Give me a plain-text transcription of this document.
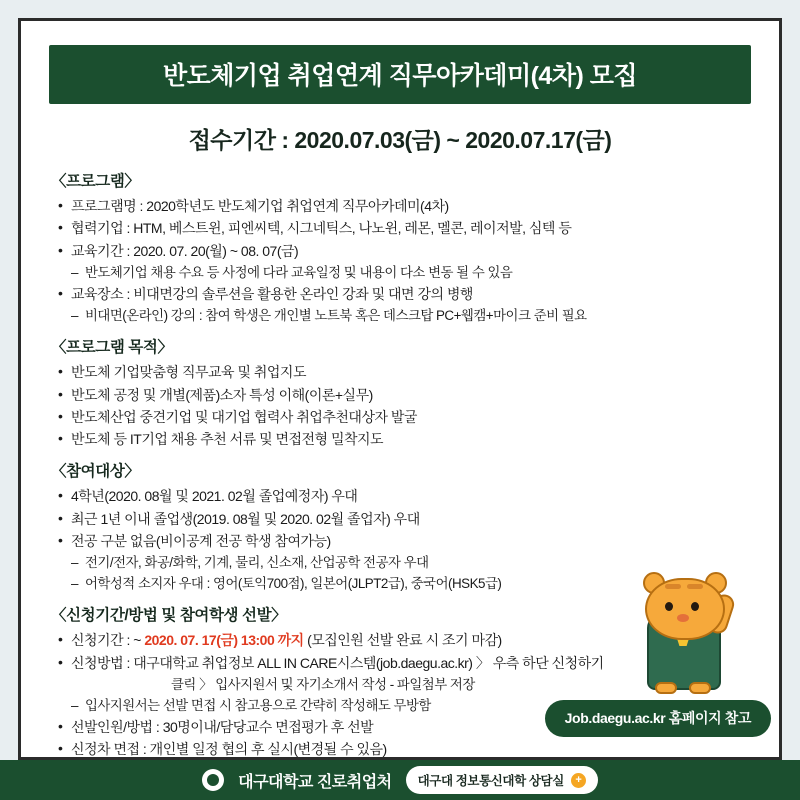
반도체기업 취업연계 직무아카데미(4차) 모집
접수기간 : 2020.07.03(금) ~ 2020.07.17(금)
〈프로그램〉
• 프로그램명 : 2020학년도 반도체기업 취업연계 직무아카데미(4차)
• 협력기업 : HTM, 베스트윈, 피엔씨텍, 시그네틱스, 나노윈, 레몬, 멜콘, 레이저발, 심텍 등
• 교육기간 : 2020. 07. 20(월) ~ 08. 07(금)
– 반도체기업 채용 수요 등 사정에 다라 교육일정 및 내용이 다소 변동 될 수 있음
• 교육장소 : 비대면강의 솔루션을 활용한 온라인 강좌 및 대면 강의 병행
– 비대면(온라인) 강의 : 참여 학생은 개인별 노트북 혹은 데스크탑 PC+웹캠+마이크 준비 필요
〈프로그램 목적〉
• 반도체 기업맞춤형 직무교육 및 취업지도
• 반도체 공정 및 개별(제품)소자 특성 이해(이론+실무)
• 반도체산업 중견기업 및 대기업 협력사 취업추천대상자 발굴
• 반도체 등 IT기업 채용 추천 서류 및 면접전형 밀착지도
〈참여대상〉
• 4학년(2020. 08월 및 2021. 02월 졸업예정자) 우대
• 최근 1년 이내 졸업생(2019. 08월 및 2020. 02월 졸업자) 우대
• 전공 구분 없음(비이공계 전공 학생 참여가능)
– 전기/전자, 화공/화학, 기계, 물리, 신소재, 산업공학 전공자 우대
– 어학성적 소지자 우대 : 영어(토익700점), 일본어(JLPT2급), 중국어(HSK5급)
〈신청기간/방법 및 참여학생 선발〉
• 신청기간 : ~ 2020. 07. 17(금) 13:00 까지 (모집인원 선발 완료 시 조기 마감)
• 신청방법 : 대구대학교 취업정보 ALL IN CARE시스템(job.daegu.ac.kr) 〉 우측 하단 신청하기
클릭 〉 입사지원서 및 자기소개서 작성 - 파일첨부 저장
– 입사지원서는 선발 면접 시 참고용으로 간략히 작성해도 무방함
• 선발인원/방법 : 30명이내/담당교수 면접평가 후 선발
• 신정차 면접 : 개인별 일정 협의 후 실시(변경될 수 있음)
•
Job.daegu.ac.kr 홈페이지 참고
대구대학교 진로취업처 대구대 정보통신대학 상담실	+
